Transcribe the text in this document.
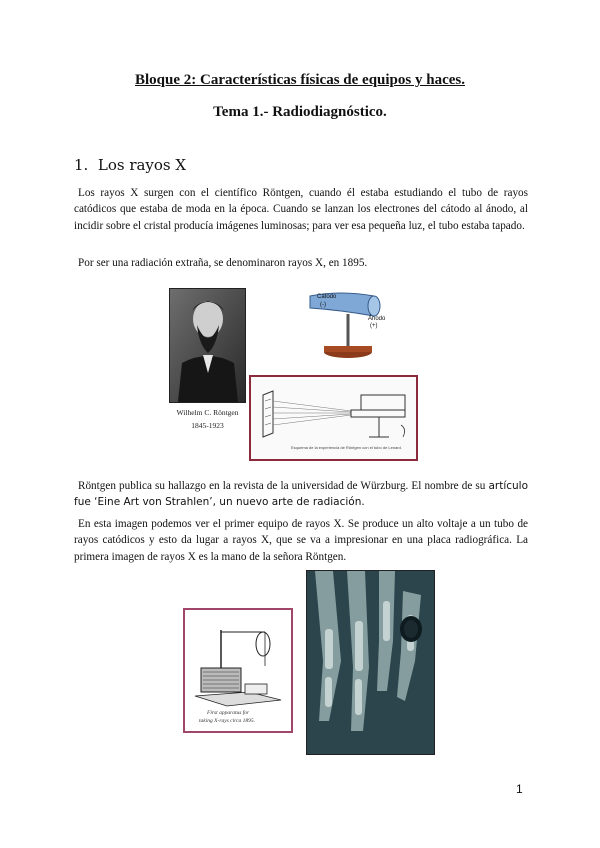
Bloque 2: Características físicas de equipos y haces.
Tema 1.- Radiodiagnóstico.
1. Los rayos X

Los rayos X surgen con el científico Röntgen, cuando él estaba estudiando el tubo de rayos catódicos que estaba de moda en la época. Cuando se lanzan los electrones del cátodo al ánodo, al incidir sobre el cristal producía imágenes luminosas; para ver esa pequeña luz, el tubo estaba tapado.

Por ser una radiación extraña, se denominaron rayos X, en 1895.

Wilhelm C. Röntgen

1845-1923

Cátodo
(-)
Ánodo
(+)
Esquema de la experiencia de Röntgen con el tubo de Lenard.

Röntgen publica su hallazgo en la revista de la universidad de Würzburg. El nombre de su artículo fue ‘Eine Art von Strahlen’, un nuevo arte de radiación.

En esta imagen podemos ver el primer equipo de rayos X. Se produce un alto voltaje a un tubo de rayos catódicos y esto da lugar a rayos X, que se va a impresionar en una placa radiográfica. La primera imagen de rayos X es la mano de la señora Röntgen.

First apparatus for
taking X-rays circa 1895.

1
